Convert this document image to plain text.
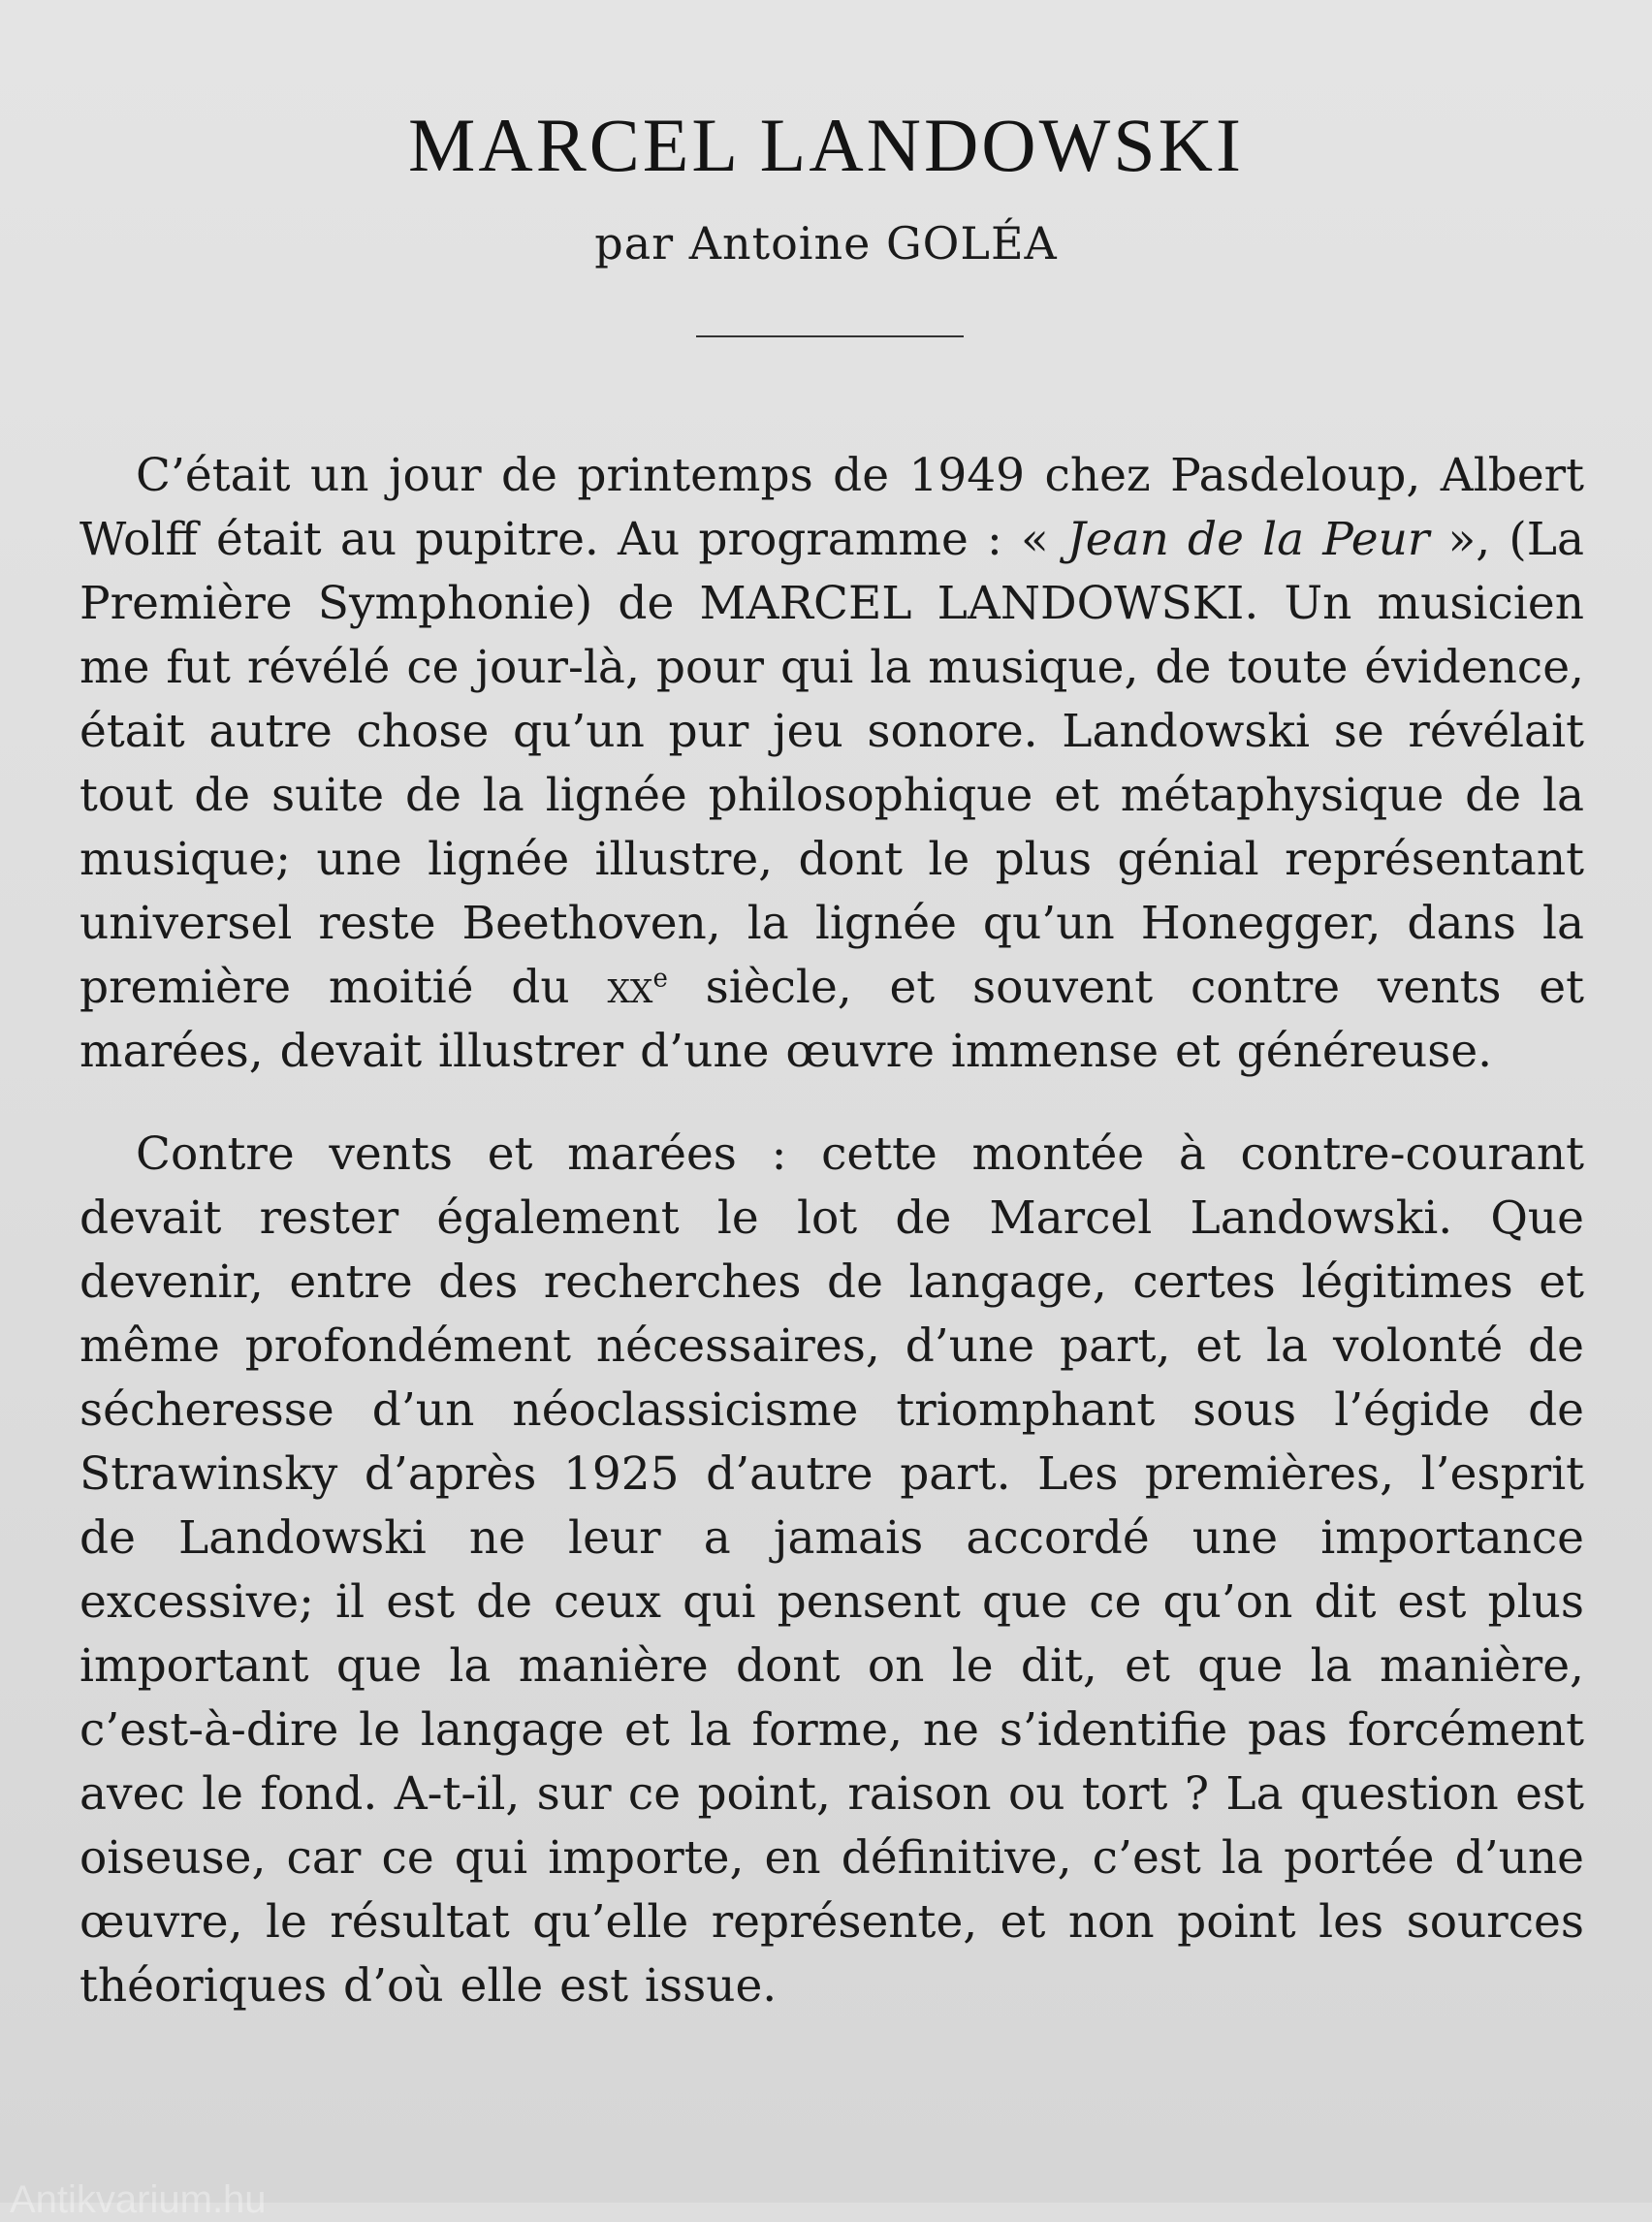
MARCEL LANDOWSKI

par Antoine GOLÉA

C’était un jour de printemps de 1949 chez Pasdeloup, Albert Wolff était au pupitre. Au programme : « Jean de la Peur », (La Première Symphonie) de MARCEL LANDOWSKI. Un musicien me fut révélé ce jour-là, pour qui la musique, de toute évidence, était autre chose qu’un pur jeu sonore. Landowski se révélait tout de suite de la lignée philosophique et métaphysique de la musique; une lignée illustre, dont le plus génial représentant universel reste Beethoven, la lignée qu’un Honegger, dans la première moitié du $xx^e$ siècle, et souvent contre vents et marées, devait illustrer d’une œuvre immense et généreuse.

Contre vents et marées : cette montée à contre-courant devait rester également le lot de Marcel Landowski. Que devenir, entre des recherches de langage, certes légitimes et même profondément nécessaires, d’une part, et la volonté de sécheresse d’un néoclassicisme triomphant sous l’égide de Strawinsky d’après 1925 d’autre part. Les premières, l’esprit de Landowski ne leur a jamais accordé une importance excessive; il est de ceux qui pensent que ce qu’on dit est plus important que la manière dont on le dit, et que la manière, c’est-à-dire le langage et la forme, ne s’identifie pas forcément avec le fond. A-t-il, sur ce point, raison ou tort ? La question est oiseuse, car ce qui importe, en définitive, c’est la portée d’une œuvre, le résultat qu’elle représente, et non point les sources théoriques d’où elle est issue.

Antikvarium.hu
